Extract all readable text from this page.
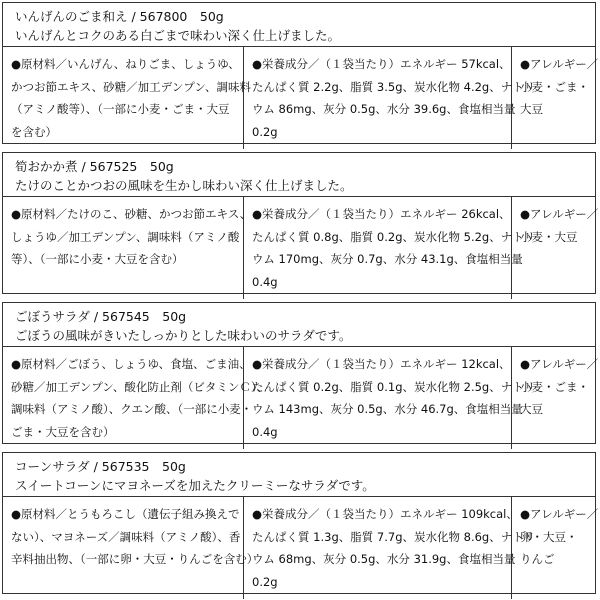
いんげんのごま和え / 567800　50g
いんげんとコクのある白ごまで味わい深く仕上げました。
●原材料／いんげん、ねりごま、しょうゆ、
かつお節エキス、砂糖／加工デンプン、調味料
（アミノ酸等）、（一部に小麦・ごま・大豆
を含む）
●栄養成分／（１袋当たり）エネルギー 57kcal、
たんぱく質 2.2g、脂質 3.5g、炭水化物 4.2g、ナトリ
ウム 86mg、灰分 0.5g、水分 39.6g、食塩相当量
0.2g
●アレルギー／
小麦・ごま・
大豆
筍おかか煮 / 567525　50g
たけのことかつおの風味を生かし味わい深く仕上げました。
●原材料／たけのこ、砂糖、かつお節エキス、
しょうゆ／加工デンプン、調味料（アミノ酸
等）、（一部に小麦・大豆を含む）
●栄養成分／（１袋当たり）エネルギー 26kcal、
たんぱく質 0.8g、脂質 0.2g、炭水化物 5.2g、ナトリ
ウム 170mg、灰分 0.7g、水分 43.1g、食塩相当量
0.4g
●アレルギー／
小麦・大豆
ごぼうサラダ / 567545　50g
ごぼうの風味がきいたしっかりとした味わいのサラダです。
●原材料／ごぼう、しょうゆ、食塩、ごま油、
砂糖／加工デンプン、酸化防止剤（ビタミンＣ）、
調味料（アミノ酸）、クエン酸、（一部に小麦・
ごま・大豆を含む）
●栄養成分／（１袋当たり）エネルギー 12kcal、
たんぱく質 0.2g、脂質 0.1g、炭水化物 2.5g、ナトリ
ウム 143mg、灰分 0.5g、水分 46.7g、食塩相当量
0.4g
●アレルギー／
小麦・ごま・
大豆
コーンサラダ / 567535　50g
スイートコーンにマヨネーズを加えたクリーミーなサラダです。
●原材料／とうもろこし（遺伝子組み換えで
ない）、マヨネーズ／調味料（アミノ酸）、香
辛料抽出物、（一部に卵・大豆・りんごを含む）
●栄養成分／（１袋当たり）エネルギー 109kcal、
たんぱく質 1.3g、脂質 7.7g、炭水化物 8.6g、ナトリ
ウム 68mg、灰分 0.5g、水分 31.9g、食塩相当量
0.2g
●アレルギー／
卵・大豆・
りんご
